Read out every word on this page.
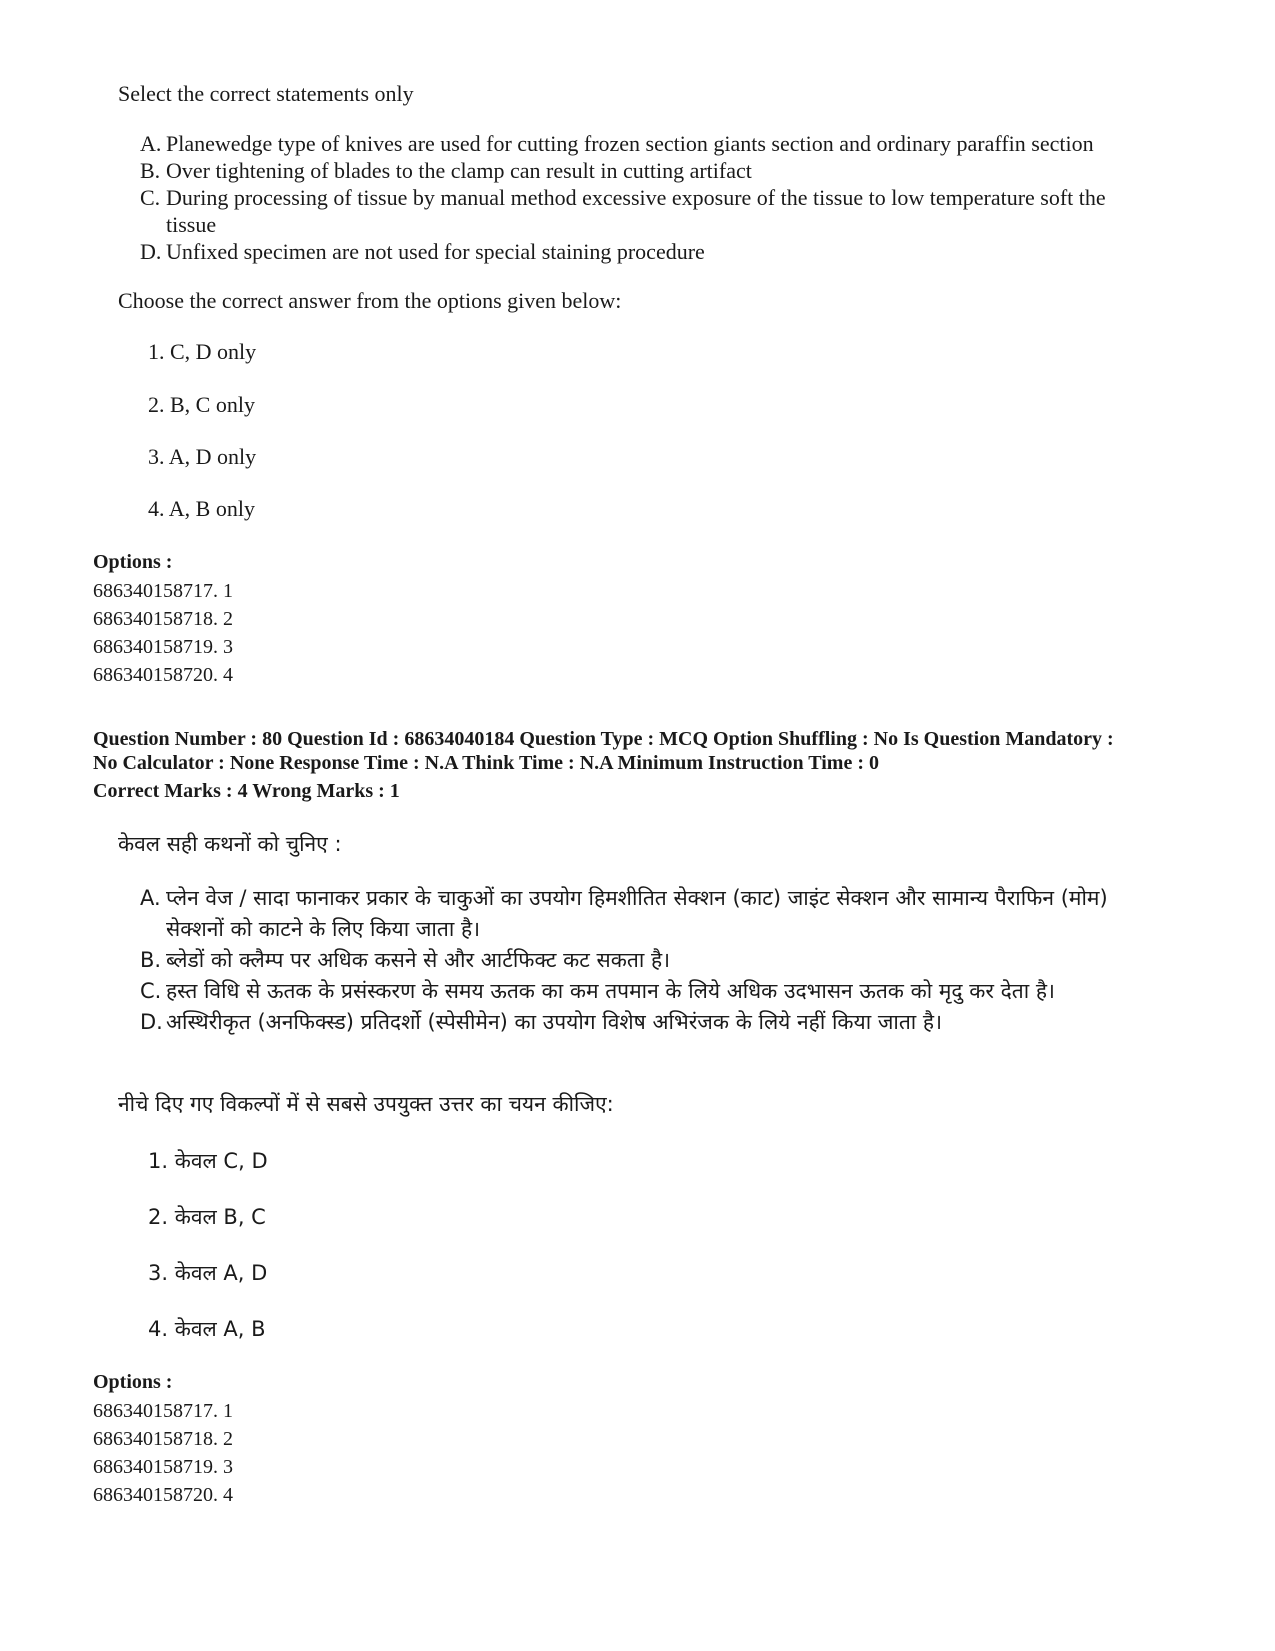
Select the correct statements only

A. Planewedge type of knives are used for cutting frozen section giants section and ordinary paraffin section
B. Over tightening of blades to the clamp can result in cutting artifact
C. During processing of tissue by manual method excessive exposure of the tissue to low temperature soft the tissue
D. Unfixed specimen are not used for special staining procedure

Choose the correct answer from the options given below:

1. C, D only
2. B, C only
3. A, D only
4. A, B only
Options :
686340158717. 1
686340158718. 2
686340158719. 3
686340158720. 4
Question Number : 80 Question Id : 68634040184 Question Type : MCQ Option Shuffling : No Is Question Mandatory :
No Calculator : None Response Time : N.A Think Time : N.A Minimum Instruction Time : 0
Correct Marks : 4 Wrong Marks : 1

केवल सही कथनों को चुनिए :

A. प्लेन वेज / सादा फानाकर प्रकार के चाकुओं का उपयोग हिमशीतित सेक्शन (काट) जाइंट सेक्शन और सामान्य पैराफिन (मोम) सेक्शनों को काटने के लिए किया जाता है।
B. ब्लेडों को क्लैम्प पर अधिक कसने से और आर्टफिक्ट कट सकता है।
C. हस्त विधि से ऊतक के प्रसंस्करण के समय ऊतक का कम तपमान के लिये अधिक उदभासन ऊतक को मृदु कर देता है।
D. अस्थिरीकृत (अनफिक्स्ड) प्रतिदर्शो (स्पेसीमेन) का उपयोग विशेष अभिरंजक के लिये नहीं किया जाता है।

नीचे दिए गए विकल्पों में से सबसे उपयुक्त उत्तर का चयन कीजिए:

1. केवल C, D
2. केवल B, C
3. केवल A, D
4. केवल A, B
Options :
686340158717. 1
686340158718. 2
686340158719. 3
686340158720. 4
